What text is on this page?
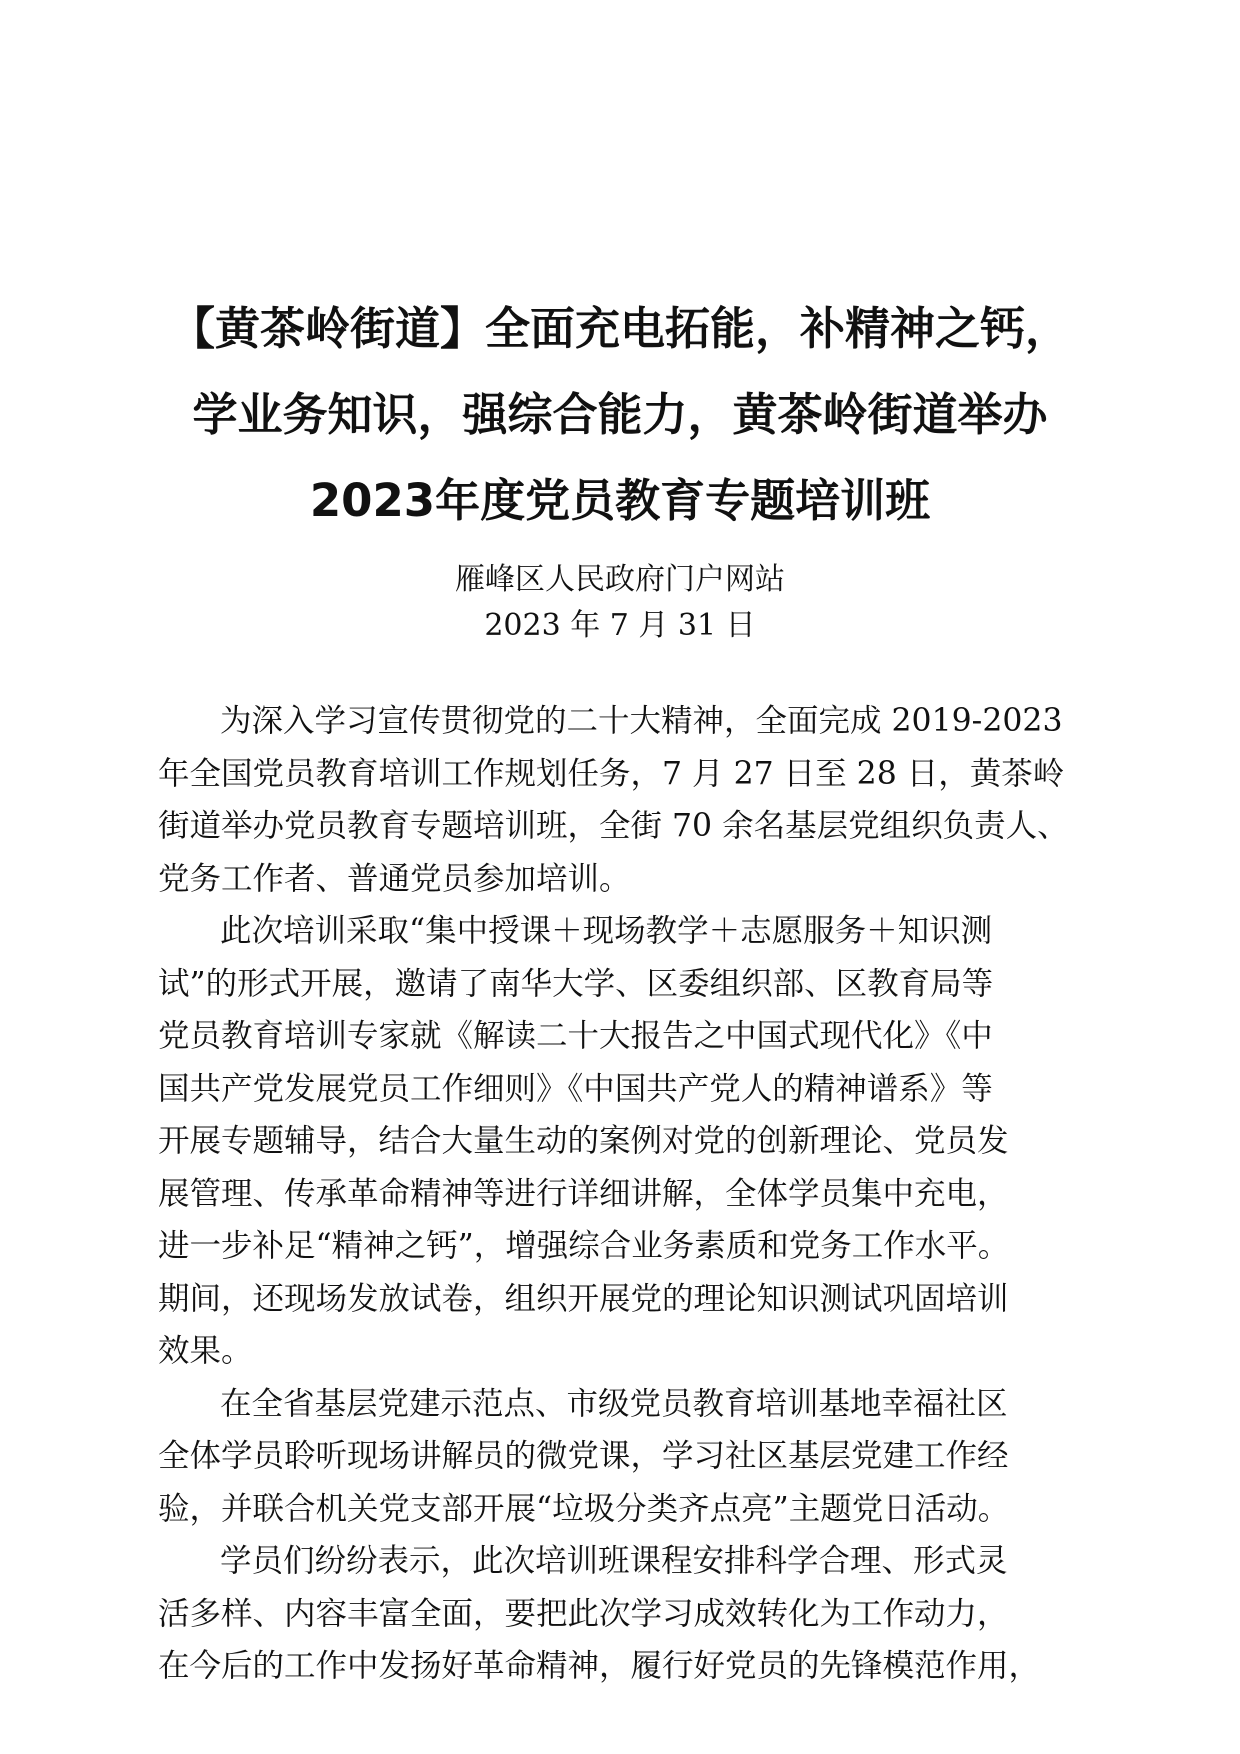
【黄茶岭街道】全面充电拓能，补精神之钙，
学业务知识，强综合能力，黄茶岭街道举办
2023年度党员教育专题培训班
雁峰区人民政府门户网站
2023 年 7 月 31 日

为深入学习宣传贯彻党的二十大精神，全面完成 2019-2023
年全国党员教育培训工作规划任务，7 月 27 日至 28 日，黄茶岭
街道举办党员教育专题培训班，全街 70 余名基层党组织负责人、
党务工作者、普通党员参加培训。

此次培训采取“集中授课＋现场教学＋志愿服务＋知识测
试”的形式开展，邀请了南华大学、区委组织部、区教育局等
党员教育培训专家就《解读二十大报告之中国式现代化》《中
国共产党发展党员工作细则》《中国共产党人的精神谱系》等
开展专题辅导，结合大量生动的案例对党的创新理论、党员发
展管理、传承革命精神等进行详细讲解，全体学员集中充电，
进一步补足“精神之钙”，增强综合业务素质和党务工作水平。
期间，还现场发放试卷，组织开展党的理论知识测试巩固培训
效果。

在全省基层党建示范点、市级党员教育培训基地幸福社区
全体学员聆听现场讲解员的微党课，学习社区基层党建工作经
验，并联合机关党支部开展“垃圾分类齐点亮”主题党日活动。

学员们纷纷表示，此次培训班课程安排科学合理、形式灵
活多样、内容丰富全面，要把此次学习成效转化为工作动力，
在今后的工作中发扬好革命精神，履行好党员的先锋模范作用，
